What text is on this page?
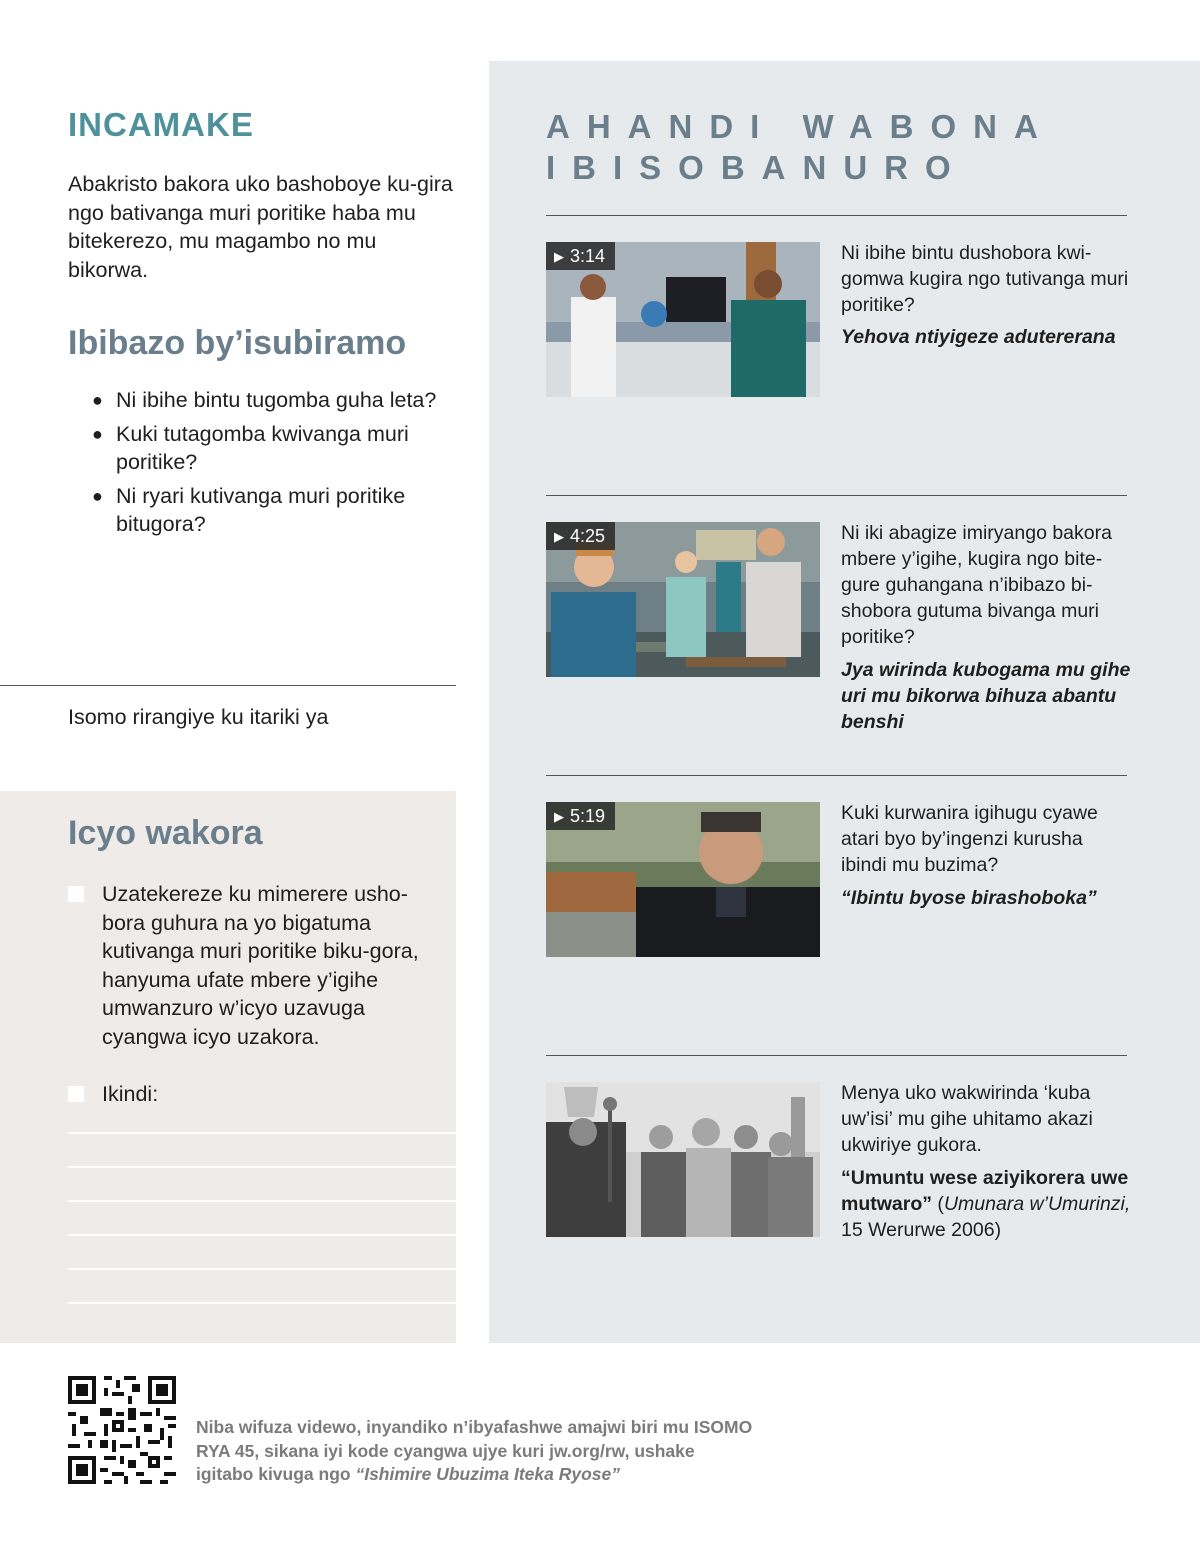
INCAMAKE

Abakristo bakora uko bashoboye ku-gira ngo bativanga muri poritike haba mu bitekerezo, mu magambo no mu bikorwa.

Ibibazo by’isubiramo
● Ni ibihe bintu tugomba guha leta?
● Kuki tutagomba kwivanga muri poritike?
● Ni ryari kutivanga muri poritike bitugora?

Isomo rirangiye ku itariki ya

Icyo wakora

Uzatekereze ku mimerere usho-bora guhura na yo bigatuma kutivanga muri poritike biku-gora, hanyuma ufate mbere y’igihe umwanzuro w’icyo uzavuga cyangwa icyo uzakora.

Ikindi:

AHANDI WABONA IBISOBANURO
▶ 3:14	Ni ibihe bintu dushobora kwi-gomwa kugira ngo tutivanga muri poritike?

Yehova ntiyigeze adutererana

▶ 4:25	Ni iki abagize imiryango bakora mbere y’igihe, kugira ngo bite-gure guhangana n’ibibazo bi-shobora gutuma bivanga muri poritike?

Jya wirinda kubogama mu gihe uri mu bikorwa bihuza abantu benshi

▶ 5:19	Kuki kurwanira igihugu cyawe atari byo by’ingenzi kurusha ibindi mu buzima?

“Ibintu byose birashoboka”

Menya uko wakwirinda ‘kuba uw’isi’ mu gihe uhitamo akazi ukwiriye gukora.

“Umuntu wese aziyikorera uwe mutwaro” (Umunara w’Umurinzi, 15 Werurwe 2006)

Niba wifuza videwo, inyandiko n’ibyafashwe amajwi biri mu ISOMO RYA 45, sikana iyi kode cyangwa ujye kuri jw.org/rw, ushake igitabo kivuga ngo “Ishimire Ubuzima Iteka Ryose”
